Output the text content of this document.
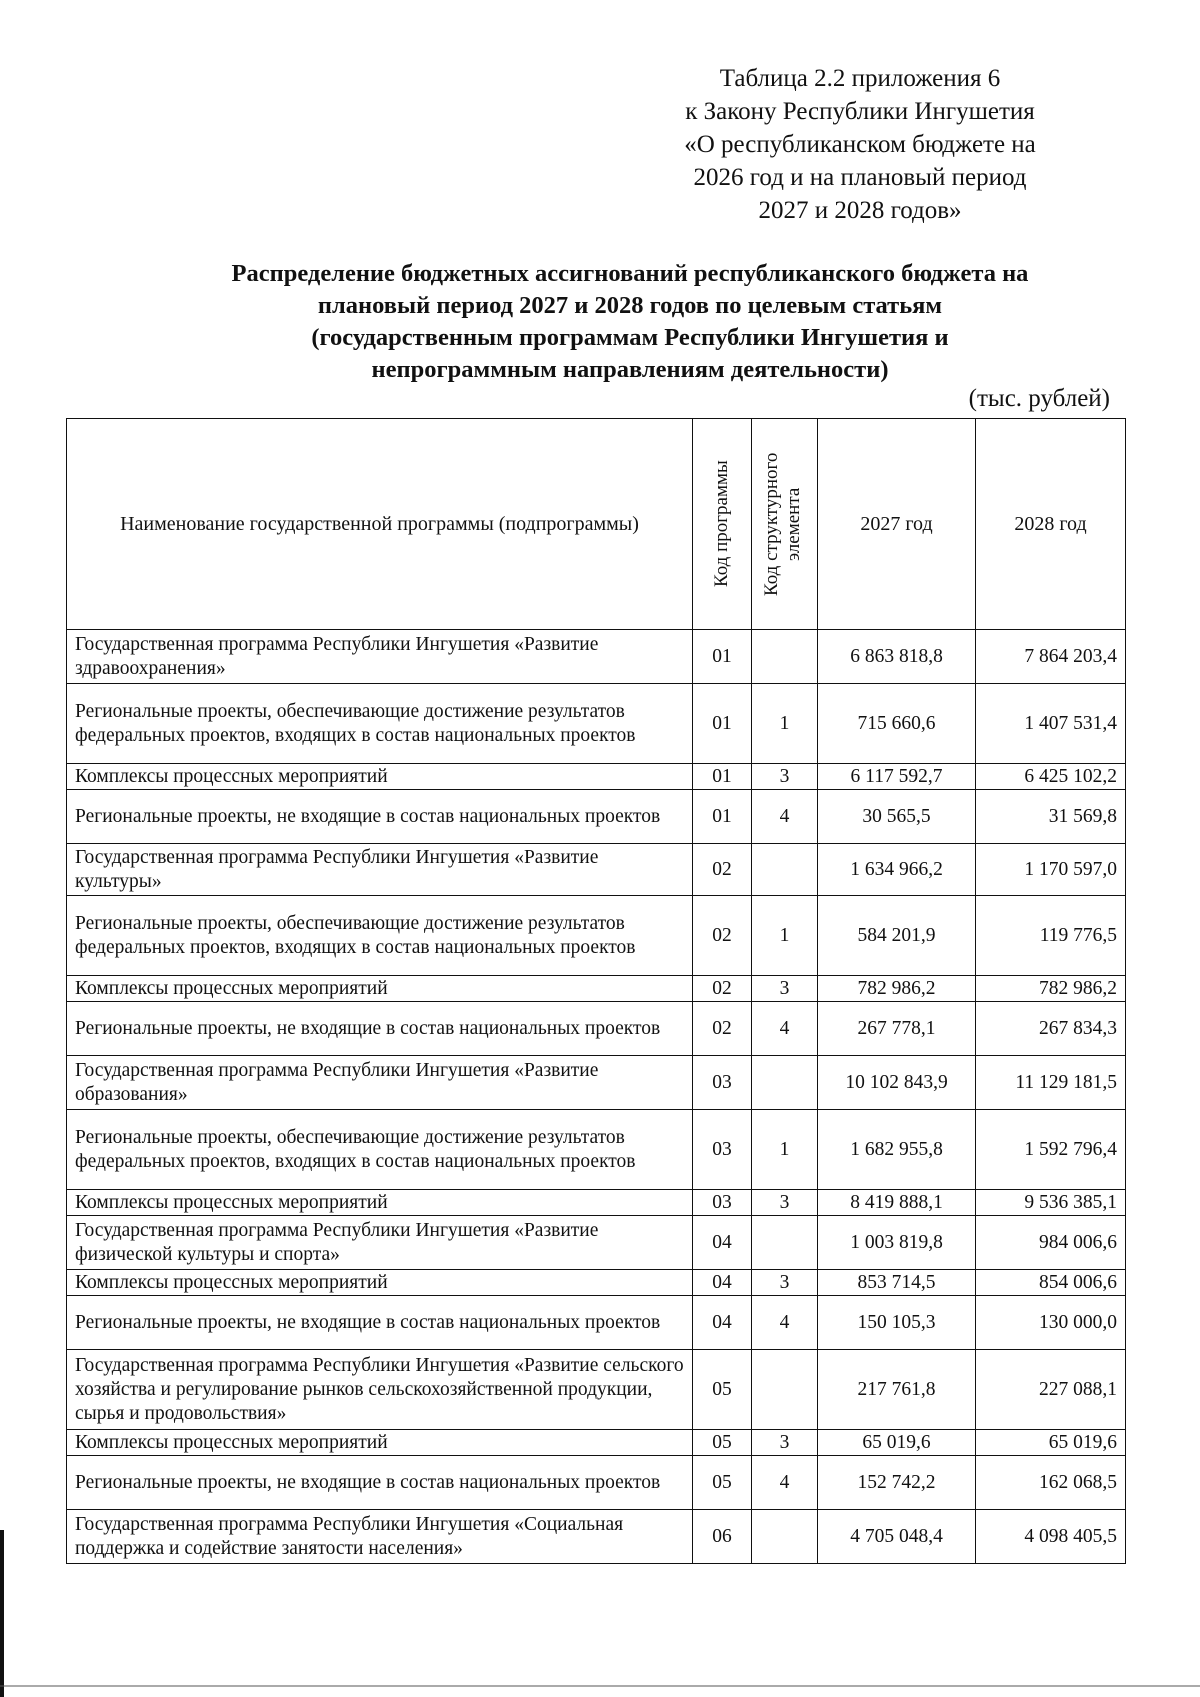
Таблица 2.2 приложения 6
к Закону Республики Ингушетия
«О республиканском бюджете на
2026 год и на плановый период
2027 и 2028 годов»
Распределение бюджетных ассигнований республиканского бюджета на
плановый период 2027 и 2028 годов по целевым статьям
(государственным программам Республики Ингушетия и
непрограммным направлениям деятельности)
(тыс. рублей)
Наименование государственной программы (подпрограммы)	Код программы	Код структурного элемента	2027 год	2028 год
Государственная программа Республики Ингушетия «Развитие здравоохранения»	01		6 863 818,8	7 864 203,4
Региональные проекты, обеспечивающие достижение результатов федеральных проектов, входящих в состав национальных проектов	01	1	715 660,6	1 407 531,4
Комплексы процессных мероприятий	01	3	6 117 592,7	6 425 102,2
Региональные проекты, не входящие в состав национальных проектов	01	4	30 565,5	31 569,8
Государственная программа Республики Ингушетия «Развитие культуры»	02		1 634 966,2	1 170 597,0
Региональные проекты, обеспечивающие достижение результатов федеральных проектов, входящих в состав национальных проектов	02	1	584 201,9	119 776,5
Комплексы процессных мероприятий	02	3	782 986,2	782 986,2
Региональные проекты, не входящие в состав национальных проектов	02	4	267 778,1	267 834,3
Государственная программа Республики Ингушетия «Развитие образования»	03		10 102 843,9	11 129 181,5
Региональные проекты, обеспечивающие достижение результатов федеральных проектов, входящих в состав национальных проектов	03	1	1 682 955,8	1 592 796,4
Комплексы процессных мероприятий	03	3	8 419 888,1	9 536 385,1
Государственная программа Республики Ингушетия «Развитие физической культуры и спорта»	04		1 003 819,8	984 006,6
Комплексы процессных мероприятий	04	3	853 714,5	854 006,6
Региональные проекты, не входящие в состав национальных проектов	04	4	150 105,3	130 000,0
Государственная программа Республики Ингушетия «Развитие сельского хозяйства и регулирование рынков сельскохозяйственной продукции, сырья и продовольствия»	05		217 761,8	227 088,1
Комплексы процессных мероприятий	05	3	65 019,6	65 019,6
Региональные проекты, не входящие в состав национальных проектов	05	4	152 742,2	162 068,5
Государственная программа Республики Ингушетия «Социальная поддержка и содействие занятости населения»	06		4 705 048,4	4 098 405,5
